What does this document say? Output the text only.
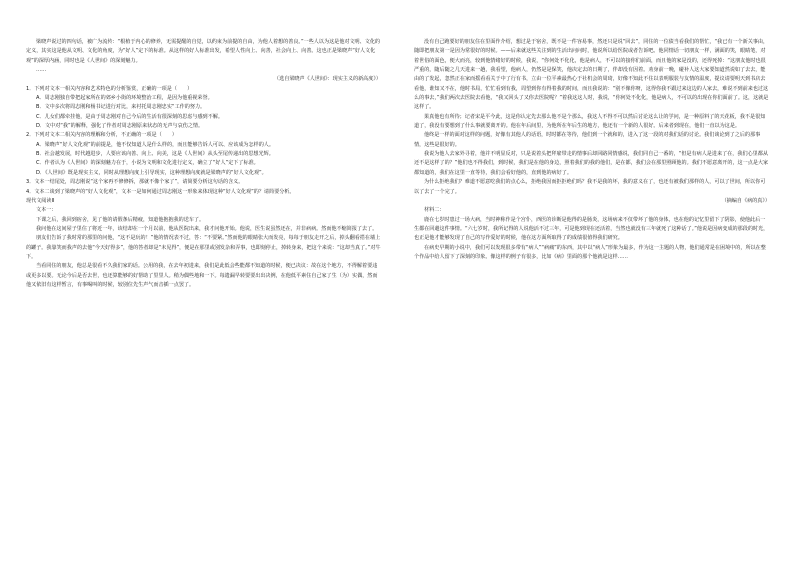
梁晓声说过的四句话，被广为流传：“根植于内心的修养，无需提醒的自觉，以约束为前提的自由，为他人着想的善良。”一些人以为这是他对文明、文化的定义，其实这是他从文明、文化的角度，为“好人”定下的标准。从这样的好人标准出发，希望人性向上、向善，社会向上、向善。这也正是梁晓声“好人文化观”的深厚内涵，同时也是《人世间》的深刻魅力。

……

（选自梁晓声《人世间》：现实主义的新高度》）

1．下列对文本一相关内容和艺术特色的分析鉴赏，正确的一项是（　　）

A．周志刚独自带把起家所在的郊乡小街的环境整治工程，是因为他重视荣誉。

B．文中多次将周志刚和杨书记进行对比，来衬托周志刚忠实“工作的努力。

C．儿女们都牵挂他，是由于周志刚对自己今后的生活有很深刻的思虑与感到不解。

D．文中对“我”的解释，强化了作者对周志刚原来状态的无声与哀伤之情。

2．下列对文本二相关内容的理解和分析，不正确的一项是（　　）

A．梁晓声“好人文化观”的前提是，他不仅知道人是什么样的，而且能够告诉人可以、应该成为怎样的人。

B．社会越发展，时代越进步，人要应该向善、向上、向美，这是《人世间》从头至尾传递出的思想光辉。

C．作者认为《人世间》的深刻魅力在于，小说为文明和文化进行定义，确立了“好人”定下了标准。

D．《人世间》既是现实主义，同时从理想向度上引导现实，这种理想向度就是梁晓声的“好人文化观”。

3．文本一结尾处，周志刚说“这个家再不修修拆，那就不像个家了”，请简要分析这句话的含义。

4．文本二谈到了梁晓声的“好人文化观”，文本一是如何通过周志刚这一形象来体现这种“好人文化观”的？请简要分析。

现代文阅读Ⅱ

文本一：

下课之后，我回到宿舍，见了他的请假条后精疲，知道他抱抱我的送车了。

我问他在这间屋子里住了将近一年，该结却在一个月以前，他从医院出来，我才问他开始。他说，医生说虽然还在，并非病病。然而他不缩简报了去了。

朋友们告诉了我时常的那里的问他，“这不是玩的！”他的情况表不过，答：“不要紧。”然而他的眼睛张大而发亮，每每于朋友走开之后，掉头翻看搭在墙上的罐子。我靠笑而我声的去他“今天好得多”，他的答者却是“未见得”，便是在那里或别发杂和弄事，也即刻停止，掉转身来，把这个来说：“这却当真了。”对牛下。

当看同住的朋友，他总是很看不久我们家的话。公用的我，在去年初进来，我们是此低会些能都不知道的时候，便已决议：故在这个地方，不得解着要违或更多以要。无论今后是否去世，也还算能够的好帮助了里里人。稍为偶些地和一下。每遗漏早转要要出出决例，在他低平素住自己家了生（为）实偶，然而他又依旧有这样暂言，有事喝叫的时候，较别位先生声气而音插一点罢了。

没有自己跑要好的朋友住在里面作介绍，想过是于宿舍，既不是一件容易事，然还只是说“回去”，同住的一位债当看我们的帮忙，“我已有一个新关事由，随即把朋友第一是因为常很好的时候。——后来就这些关注到的生活出问问时，他说所以给医院或者告诉吧。他同情话一切朋友一样，满面的笑，眼睛笔，对着世俗的面色，便大而亮，较到他情绪好的时候，我说，“你何处不化化，他是病人，不可以的接你们前面，而且他的家是没的，还得死掉：“这朋友他时也很严重的，随后随之几天进来一趟，我看望，他病人，仍然是是保笑，他决定去的日期了，伴却没有因着。劝身前一晚，碰补人这大家要知道然说如了去去，能由的了发起，忽然正在家而摇看看关于中了行有书，立由一位平素最热心于社机会的周琦，好像不知此不住以表明服装与友情的温度，提议请要明天到书店去看他，谁知又不在，他时书局，忙忙看到有我，周望到你有得着我的时间，而且我说的：“别不像你呀，这得你我不跟过来这边的人家去，难说不到前来也过这么的事去，”我们两次去医院去看他，“我又回头了又你去医院呢？”着我这这人时，我说，“你何处不化化，他是病人，不可以的出现在你们面前了。这，这就是这样了。

果真他也有所待；记者宋是平今此，这是你认定先去那么他不是个那么，我这人不得不可以然后讨论这么让的学问，是一种原料了的天花板，我不是很知道了，我没有要想到了什么事就要离开的。他在年后间里，为他所在年后生的地方，他还有一个新的人很好。后来者到现在，他们一直以为这是。

他终是一样的面对这样的问题，好像有其他人的话语，时时都在等待，他们到一个就和的，进入了这一段的对我们话的讨论。我们谈论到了之后的那事情，这些是很好的。

我说为他人去家外寻着，他并不明显反对，只是说着头把拜雇带走的情事后却回路同情感说，我们同自己一番的，“但是有病人是进来了在，我们心里都从还不是这样了的？”他们也不得我们，到时候，我们是在他的身边，照着我们的我的他们，是在都，我们会在那里照顾他的。我们不愿意离开的，这一点是大家都知道的，我们在这里一直等待，我们会看好他的，直到他的病好了。

为什么拒绝我们？难道不愿意吃我们的点心么，拒绝我因而拒拒绝们吗？我不是我的坏，我的意义在了，也还有被我们那样的人，可以了世间，所以你可以了去了一个完了。

（摘编自《病的真》）

材料二：

鹿在七岁时患过一场大病，当时神称作是个宫仆，西医的诊断是他得的是肠炎，这场病来不仅带坏了他的身体，也在他的记忆里留下了阴影，使他此后一生都在回避这件事情。“六七岁时，我所记得的人说他活不过三年，可是他到现在还活着，当然也就没有三年就死了这种话了。”他说是因病变成的那段的时光，也正是他才能够发现了自己的写作爱好的时候，他在这方面所取得了的成绩很值得我们研究。

在病史早期的小说中，我们可以发现很多带有“病人”“病痛”的东西，其中以“病人”形象为最多，作为这一主题的人物，他们通常是在困境中的，所以在整个作品中给人留下了深刻的印象。像这样的例子有很多，比如《病》里面的那个他就是这样……
